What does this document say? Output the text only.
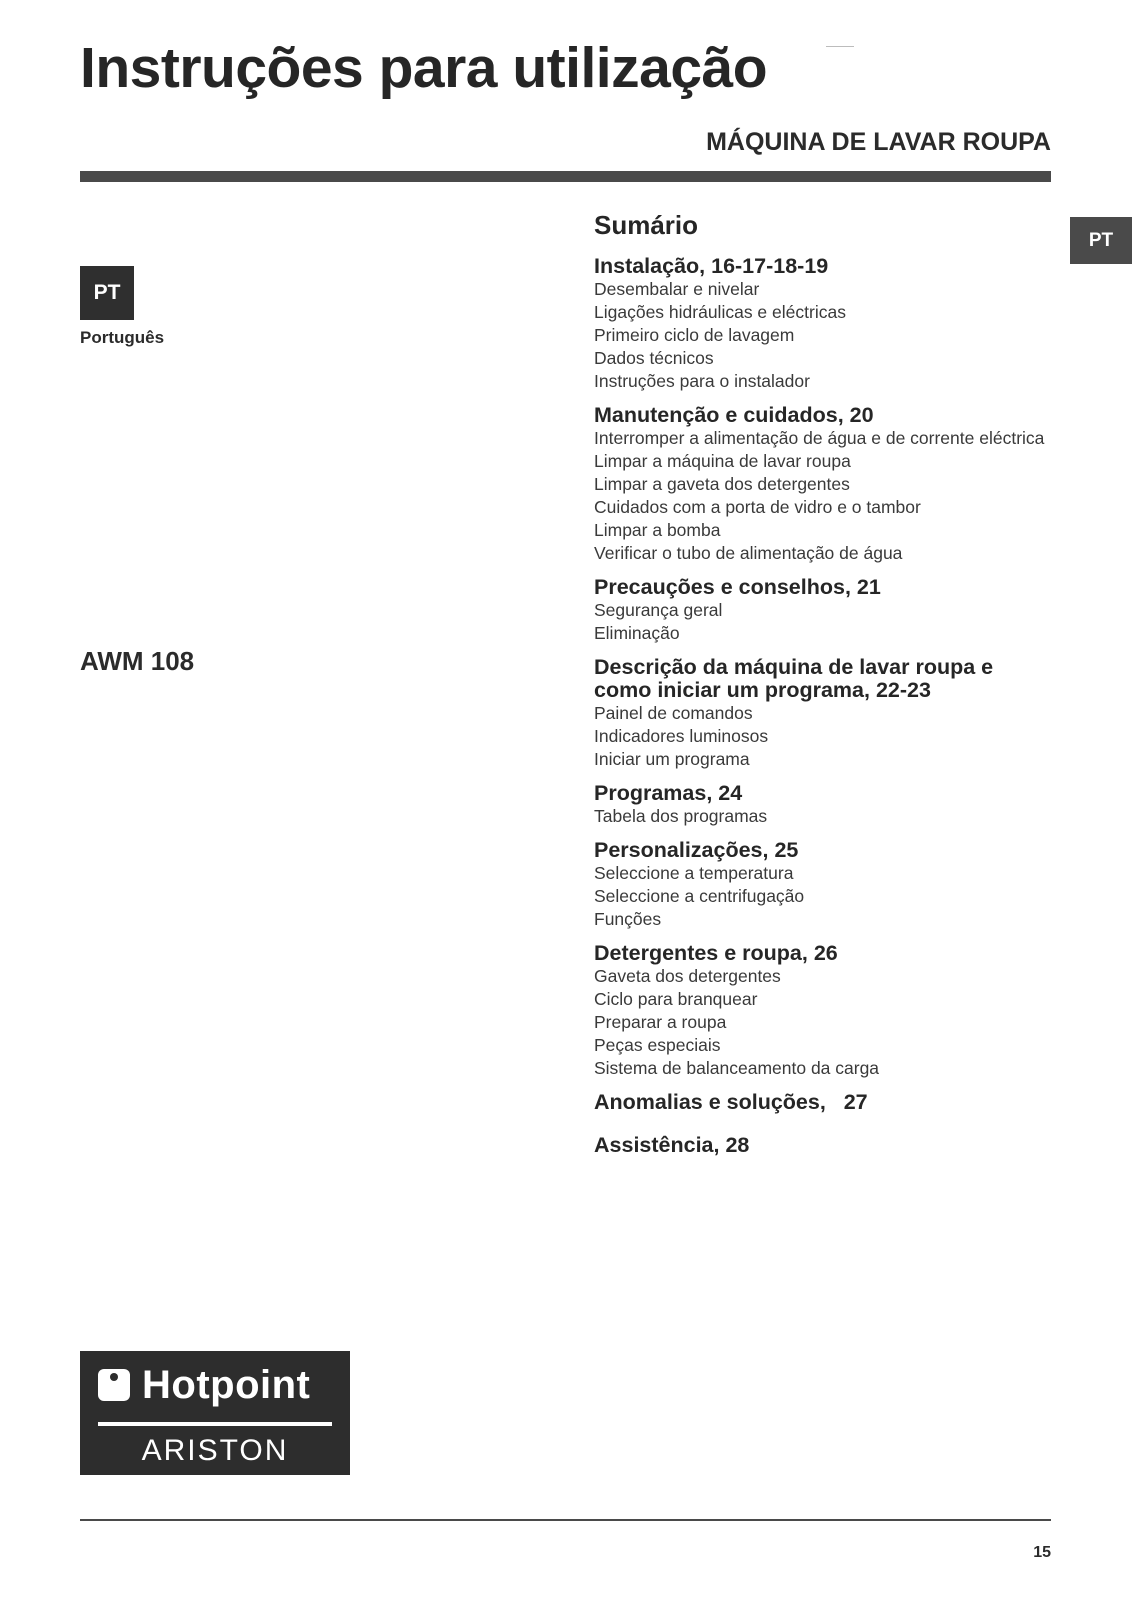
Instruções para utilização
MÁQUINA DE LAVAR ROUPA
PT
PT
Português
AWM 108
Sumário
Instalação, 16-17-18-19
Desembalar e nivelar
Ligações hidráulicas e eléctricas
Primeiro ciclo de lavagem
Dados técnicos
Instruções para o instalador
Manutenção e cuidados, 20
Interromper a alimentação de água e de corrente eléctrica
Limpar a máquina de lavar roupa
Limpar a gaveta dos detergentes
Cuidados com a porta de vidro e o tambor
Limpar a bomba
Verificar o tubo de alimentação de água
Precauções e conselhos, 21
Segurança geral
Eliminação
Descrição da máquina de lavar roupa e como iniciar um programa, 22-23
Painel de comandos
Indicadores luminosos
Iniciar um programa
Programas, 24
Tabela dos programas
Personalizações, 25
Seleccione a temperatura
Seleccione a centrifugação
Funções
Detergentes e roupa, 26
Gaveta dos detergentes
Ciclo para branquear
Preparar a roupa
Peças especiais
Sistema de balanceamento da carga
Anomalias e soluções,   27
Assistência, 28
Hotpoint
ARISTON
15
